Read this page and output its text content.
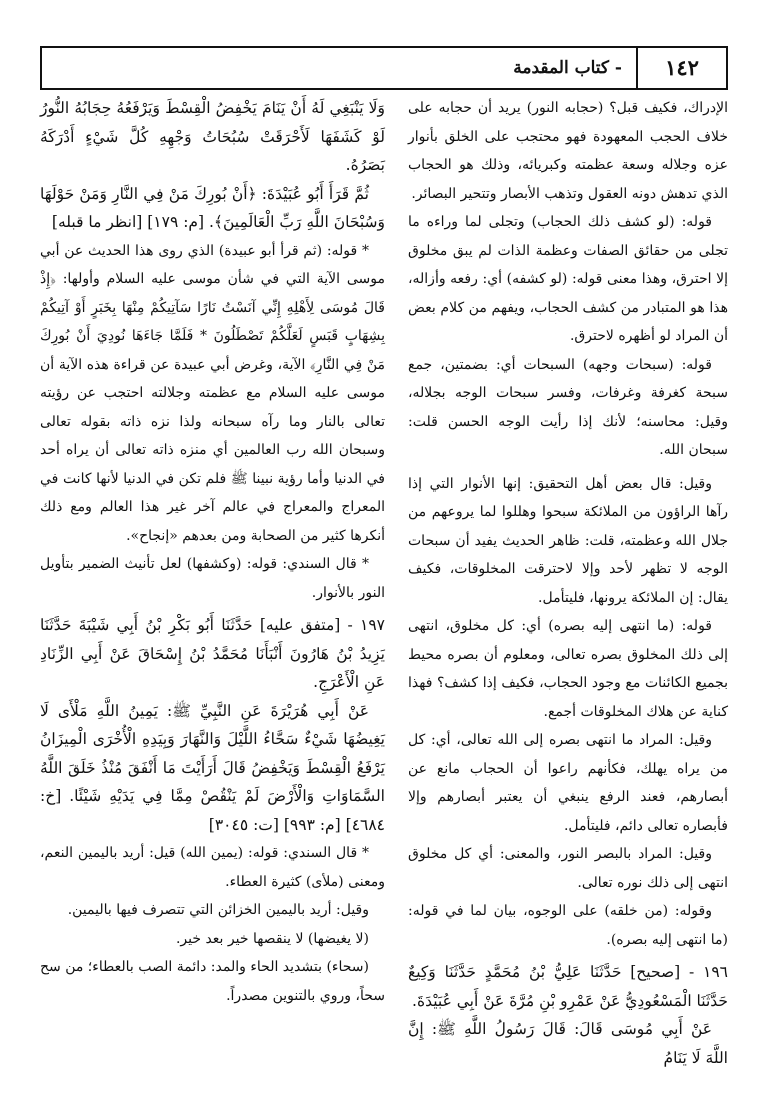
١٤٢
- كتاب المقدمة

الإدراك، فكيف قبل؟ (حجابه النور) يريد أن حجابه على خلاف الحجب المعهودة فهو محتجب على الخلق بأنوار عزه وجلاله وسعة عظمته وكبريائه، وذلك هو الحجاب الذي تدهش دونه العقول وتذهب الأبصار وتتحير البصائر.

قوله: (لو كشف ذلك الحجاب) وتجلى لما وراءه ما تجلى من حقائق الصفات وعظمة الذات لم يبق مخلوق إلا احترق، وهذا معنى قوله: (لو كشفه) أي: رفعه وأزاله، هذا هو المتبادر من كشف الحجاب، ويفهم من كلام بعض أن المراد لو أظهره لاحترق.

قوله: (سبحات وجهه) السبحات أي: بضمتين، جمع سبحة كغرفة وغرفات، وفسر سبحات الوجه بجلاله، وقيل: محاسنه؛ لأنك إذا رأيت الوجه الحسن قلت: سبحان الله.

وقيل: قال بعض أهل التحقيق: إنها الأنوار التي إذا رآها الراؤون من الملائكة سبحوا وهللوا لما يروعهم من جلال الله وعظمته، قلت: ظاهر الحديث يفيد أن سبحات الوجه لا تظهر لأحد وإلا لاحترقت المخلوقات، فكيف يقال: إن الملائكة يرونها، فليتأمل.

قوله: (ما انتهى إليه بصره) أي: كل مخلوق، انتهى إلى ذلك المخلوق بصره تعالى، ومعلوم أن بصره محيط بجميع الكائنات مع وجود الحجاب، فكيف إذا كشف؟ فهذا كناية عن هلاك المخلوقات أجمع.

وقيل: المراد ما انتهى بصره إلى الله تعالى، أي: كل من يراه يهلك، فكأنهم راعوا أن الحجاب مانع عن أبصارهم، فعند الرفع ينبغي أن يعتبر أبصارهم وإلا فأبصاره تعالى دائم، فليتأمل.

وقيل: المراد بالبصر النور، والمعنى: أي كل مخلوق انتهى إلى ذلك نوره تعالى.

وقوله: (من خلقه) على الوجوه، بيان لما في قوله: (ما انتهى إليه بصره).

١٩٦ - [صحيح] حَدَّثَنَا عَلِيُّ بْنُ مُحَمَّدٍ حَدَّثَنَا وَكِيعٌ حَدَّثَنَا الْمَسْعُودِيُّ عَنْ عَمْرِو بْنِ مُرَّةَ عَنْ أَبِي عُبَيْدَةَ.

عَنْ أَبِي مُوسَى قَالَ: قَالَ رَسُولُ اللَّهِ ﷺ: إِنَّ اللَّهَ لَا يَنَامُ

وَلَا يَنْبَغِي لَهُ أَنْ يَنَامَ يَخْفِضُ الْقِسْطَ وَيَرْفَعُهُ حِجَابُهُ النُّورُ لَوْ كَشَفَهَا لَأَحْرَقَتْ سُبُحَاتُ وَجْهِهِ كُلَّ شَيْءٍ أَدْرَكَهُ بَصَرُهُ.

ثُمَّ قَرَأَ أَبُو عُبَيْدَةَ: ﴿أَنْ بُورِكَ مَنْ فِي النَّارِ وَمَنْ حَوْلَهَا وَسُبْحَانَ اللَّهِ رَبِّ الْعَالَمِينَ﴾. [م: ١٧٩] [انظر ما قبله]

* قوله: (ثم قرأ أبو عبيدة) الذي روى هذا الحديث عن أبي موسى الآية التي في شأن موسى عليه السلام وأولها: ﴿إِذْ قَالَ مُوسَى لِأَهْلِهِ إِنِّي آنَسْتُ نَارًا سَآتِيكُمْ مِنْهَا بِخَبَرٍ أَوْ آتِيكُمْ بِشِهَابٍ قَبَسٍ لَعَلَّكُمْ تَصْطَلُونَ * فَلَمَّا جَاءَهَا نُودِيَ أَنْ بُورِكَ مَنْ فِي النَّارِ﴾ الآية، وغرض أبي عبيدة عن قراءة هذه الآية أن موسى عليه السلام مع عظمته وجلالته احتجب عن رؤيته تعالى بالنار وما رآه سبحانه ولذا نزه ذاته بقوله تعالى وسبحان الله رب العالمين أي منزه ذاته تعالى أن يراه أحد في الدنيا وأما رؤية نبينا ﷺ فلم تكن في الدنيا لأنها كانت في المعراج والمعراج في عالم آخر غير هذا العالم ومع ذلك أنكرها كثير من الصحابة ومن بعدهم «إنجاح».

* قال السندي: قوله: (وكشفها) لعل تأنيث الضمير بتأويل النور بالأنوار.

١٩٧ - [متفق عليه] حَدَّثَنَا أَبُو بَكْرِ بْنُ أَبِي شَيْبَةَ حَدَّثَنَا يَزِيدُ بْنُ هَارُونَ أَنْبَأَنَا مُحَمَّدُ بْنُ إِسْحَاقَ عَنْ أَبِي الزِّنَادِ عَنِ الْأَعْرَجِ.

عَنْ أَبِي هُرَيْرَةَ عَنِ النَّبِيِّ ﷺ: يَمِينُ اللَّهِ مَلْأَى لَا يَغِيضُهَا شَيْءٌ سَحَّاءُ اللَّيْلَ وَالنَّهَارَ وَبِيَدِهِ الْأُخْرَى الْمِيزَانُ يَرْفَعُ الْقِسْطَ وَيَخْفِضُ قَالَ أَرَأَيْتَ مَا أَنْفَقَ مُنْذُ خَلَقَ اللَّهُ السَّمَاوَاتِ وَالْأَرْضَ لَمْ يَنْقُصْ مِمَّا فِي يَدَيْهِ شَيْئًا. [خ: ٤٦٨٤] [م: ٩٩٣] [ت: ٣٠٤٥]

* قال السندي: قوله: (يمين الله) قيل: أريد باليمين النعم، ومعنى (ملأى) كثيرة العطاء.

وقيل: أريد باليمين الخزائن التي تتصرف فيها باليمين.

(لا يغيضها) لا ينقصها خير بعد خير.

(سحاء) بتشديد الحاء والمد: دائمة الصب بالعطاء؛ من سح سحاً، وروي بالتنوين مصدراً.
